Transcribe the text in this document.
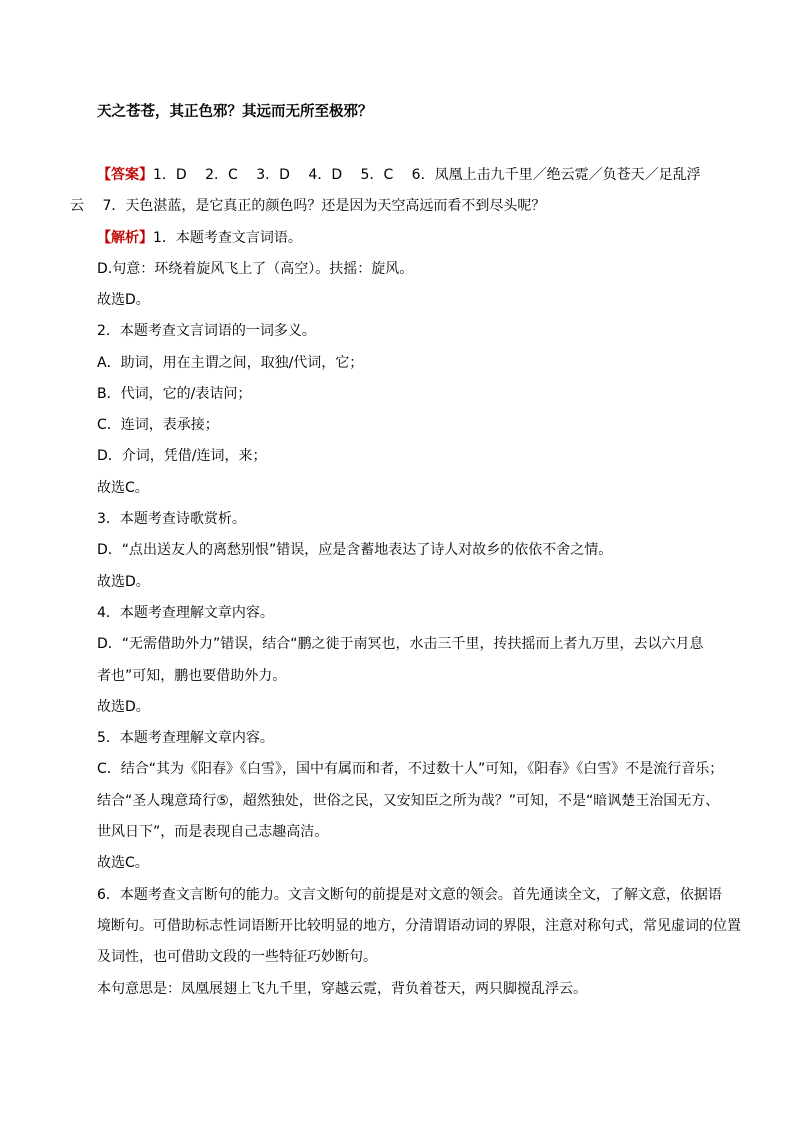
天之苍苍，其正色邪？其远而无所至极邪？
【答案】1．D　 2．C　 3．D　 4．D　 5．C　 6．凤凰上击九千里／绝云霓／负苍天／足乱浮
云　 7．天色湛蓝，是它真正的颜色吗？还是因为天空高远而看不到尽头呢？
【解析】1．本题考查文言词语。
D.句意：环绕着旋风飞上了（高空）。扶摇：旋风。
故选D。
2．本题考查文言词语的一词多义。
A．助词，用在主谓之间，取独/代词，它；
B．代词，它的/表诘问；
C．连词，表承接；
D．介词，凭借/连词，来；
故选C。
3．本题考查诗歌赏析。
D．“点出送友人的离愁别恨”错误，应是含蓄地表达了诗人对故乡的依依不舍之情。
故选D。
4．本题考查理解文章内容。
D．“无需借助外力”错误，结合“鹏之徙于南冥也，水击三千里，抟扶摇而上者九万里，去以六月息
者也”可知，鹏也要借助外力。
故选D。
5．本题考查理解文章内容。
C．结合“其为《阳春》《白雪》，国中有属而和者，不过数十人”可知，《阳春》《白雪》不是流行音乐；
结合“圣人瑰意琦行⑤，超然独处，世俗之民，又安知臣之所为哉？”可知，不是“暗讽楚王治国无方、
世风日下”，而是表现自己志趣高洁。
故选C。
6．本题考查文言断句的能力。文言文断句的前提是对文意的领会。首先通读全文，了解文意，依据语
境断句。可借助标志性词语断开比较明显的地方，分清谓语动词的界限，注意对称句式，常见虚词的位置
及词性，也可借助文段的一些特征巧妙断句。
本句意思是：凤凰展翅上飞九千里，穿越云霓，背负着苍天，两只脚搅乱浮云。
